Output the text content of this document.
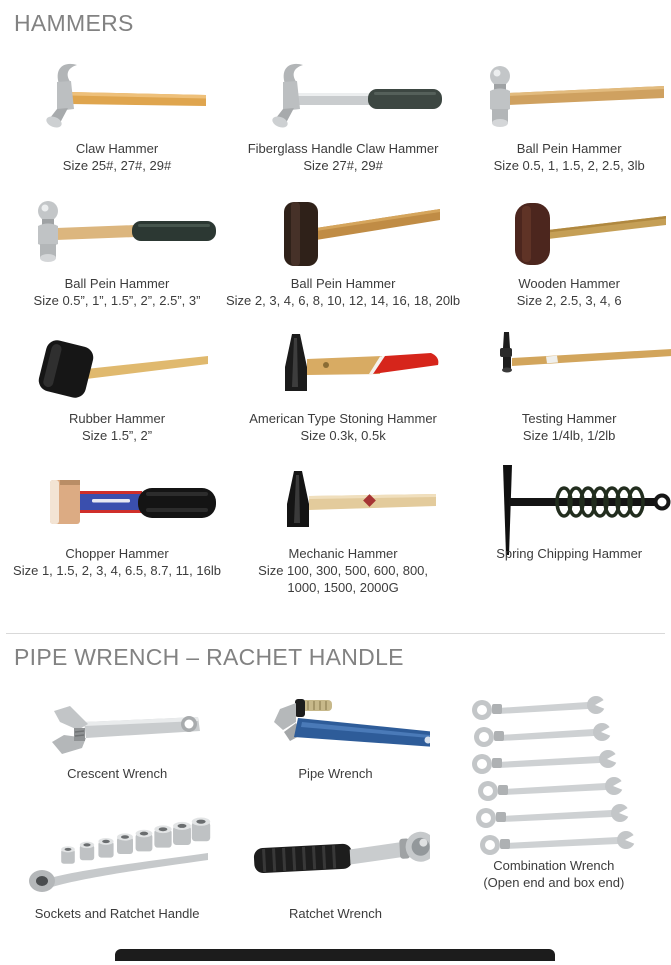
HAMMERS
Claw Hammer
Size 25#, 27#, 29#
Fiberglass Handle Claw Hammer
Size 27#, 29#
Ball Pein Hammer
Size 0.5, 1, 1.5, 2, 2.5, 3lb
Ball Pein Hammer
Size 0.5”, 1”, 1.5”, 2”, 2.5”, 3”
Ball Pein Hammer
Size 2, 3, 4, 6, 8, 10, 12, 14, 16, 18, 20lb
Wooden Hammer
Size 2, 2.5, 3, 4, 6
Rubber Hammer
Size 1.5”, 2”
American Type Stoning Hammer
Size 0.3k, 0.5k
Testing Hammer
Size 1/4lb, 1/2lb
Chopper Hammer
Size 1, 1.5, 2, 3, 4, 6.5, 8.7, 11, 16lb
Mechanic Hammer
Size 100, 300, 500, 600, 800,
1000, 1500, 2000G
Spring Chipping Hammer
PIPE WRENCH – RACHET HANDLE
Crescent Wrench	Pipe Wrench
Combination Wrench
(Open end and box end)
Sockets and Ratchet Handle	Ratchet Wrench
